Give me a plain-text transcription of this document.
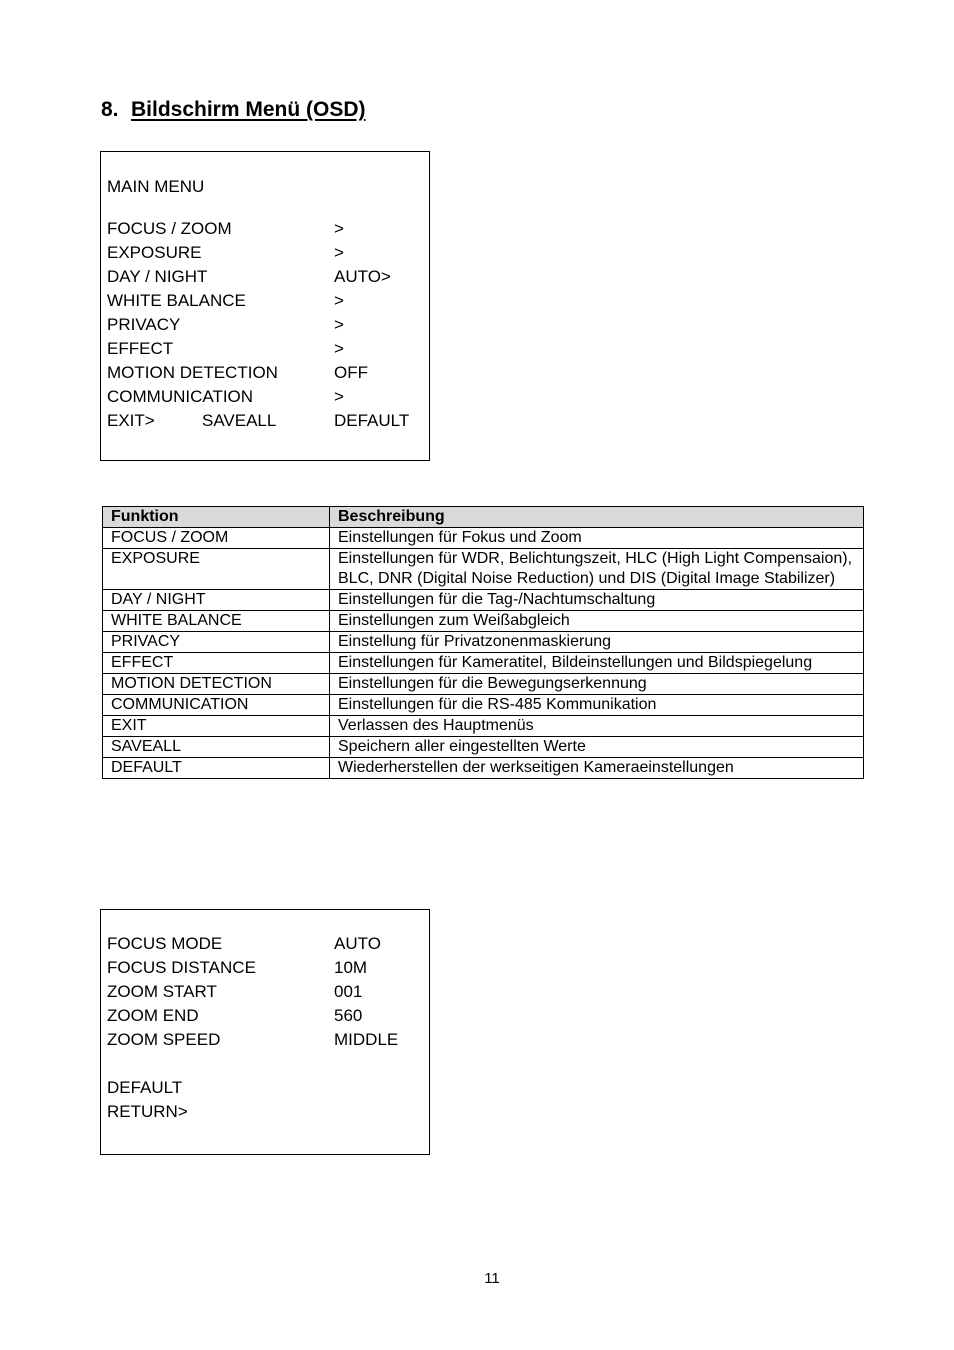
8. Bildschirm Menü (OSD)
MAIN MENU
FOCUS / ZOOM	>
EXPOSURE	>
DAY / NIGHT	AUTO>
WHITE BALANCE	>
PRIVACY	>
EFFECT	>
MOTION DETECTION	OFF
COMMUNICATION	>
EXIT>	SAVEALL	DEFAULT
Funktion	Beschreibung
FOCUS / ZOOM	Einstellungen für Fokus und Zoom
EXPOSURE	Einstellungen für WDR, Belichtungszeit, HLC (High Light Compensaion), BLC, DNR (Digital Noise Reduction) und DIS (Digital Image Stabilizer)
DAY / NIGHT	Einstellungen für die Tag-/Nachtumschaltung
WHITE BALANCE	Einstellungen zum Weißabgleich
PRIVACY	Einstellung für Privatzonenmaskierung
EFFECT	Einstellungen für Kameratitel, Bildeinstellungen und Bildspiegelung
MOTION DETECTION	Einstellungen für die Bewegungserkennung
COMMUNICATION	Einstellungen für die RS-485 Kommunikation
EXIT	Verlassen des Hauptmenüs
SAVEALL	Speichern aller eingestellten Werte
DEFAULT	Wiederherstellen der werkseitigen Kameraeinstellungen
FOCUS MODE	AUTO
FOCUS DISTANCE	10M
ZOOM START	001
ZOOM END	560
ZOOM SPEED	MIDDLE
DEFAULT
RETURN>
11
